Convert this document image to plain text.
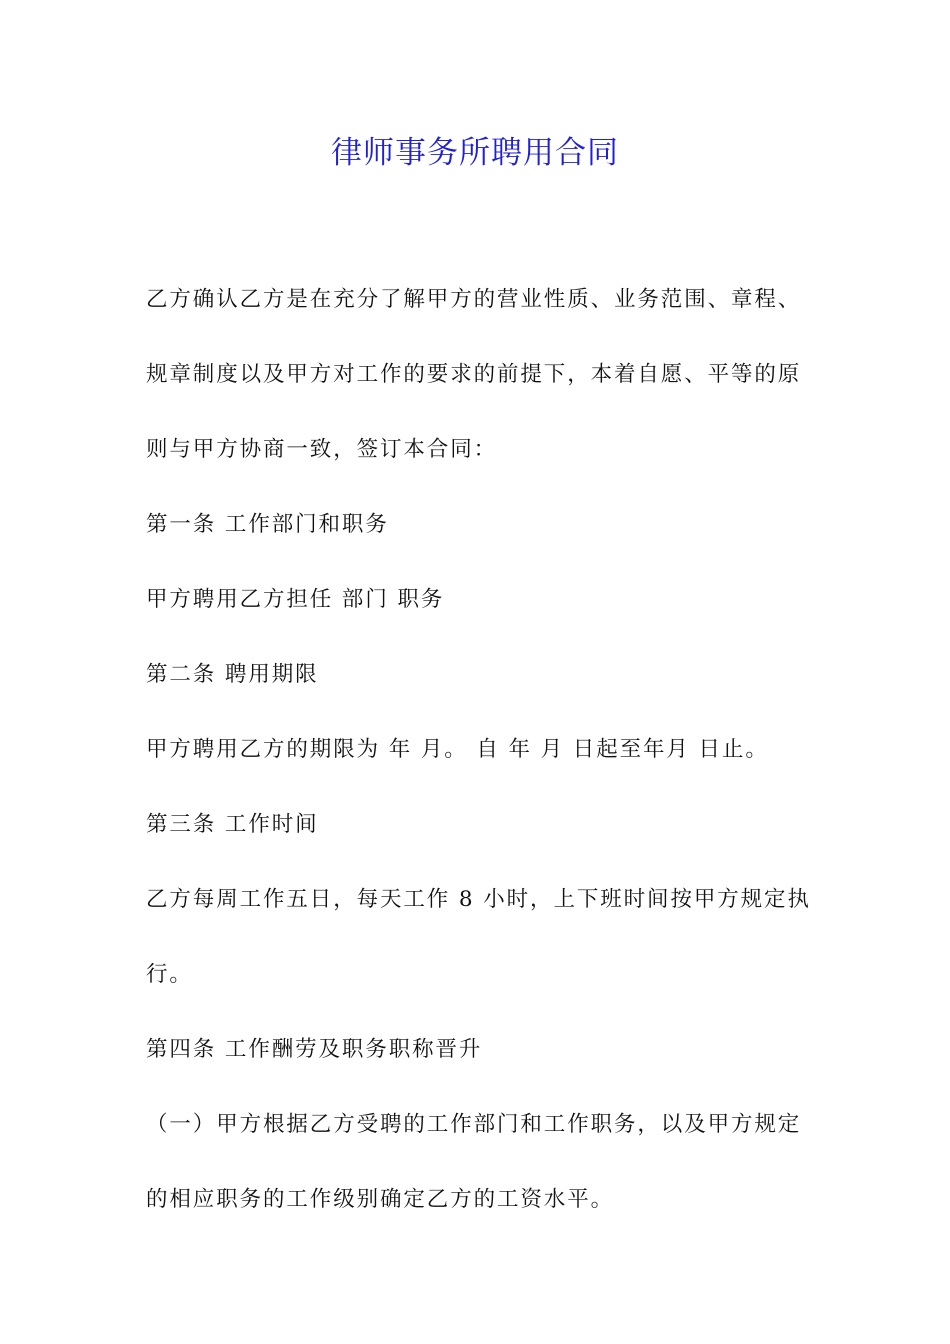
律师事务所聘用合同

乙方确认乙方是在充分了解甲方的营业性质、业务范围、章程、规章制度以及甲方对工作的要求的前提下，本着自愿、平等的原则与甲方协商一致，签订本合同：

第一条 工作部门和职务

甲方聘用乙方担任 部门 职务

第二条 聘用期限

甲方聘用乙方的期限为 年 月。 自 年 月 日起至年月 日止。

第三条 工作时间

乙方每周工作五日，每天工作 8 小时，上下班时间按甲方规定执行。

第四条 工作酬劳及职务职称晋升

（一）甲方根据乙方受聘的工作部门和工作职务，以及甲方规定的相应职务的工作级别确定乙方的工资水平。
